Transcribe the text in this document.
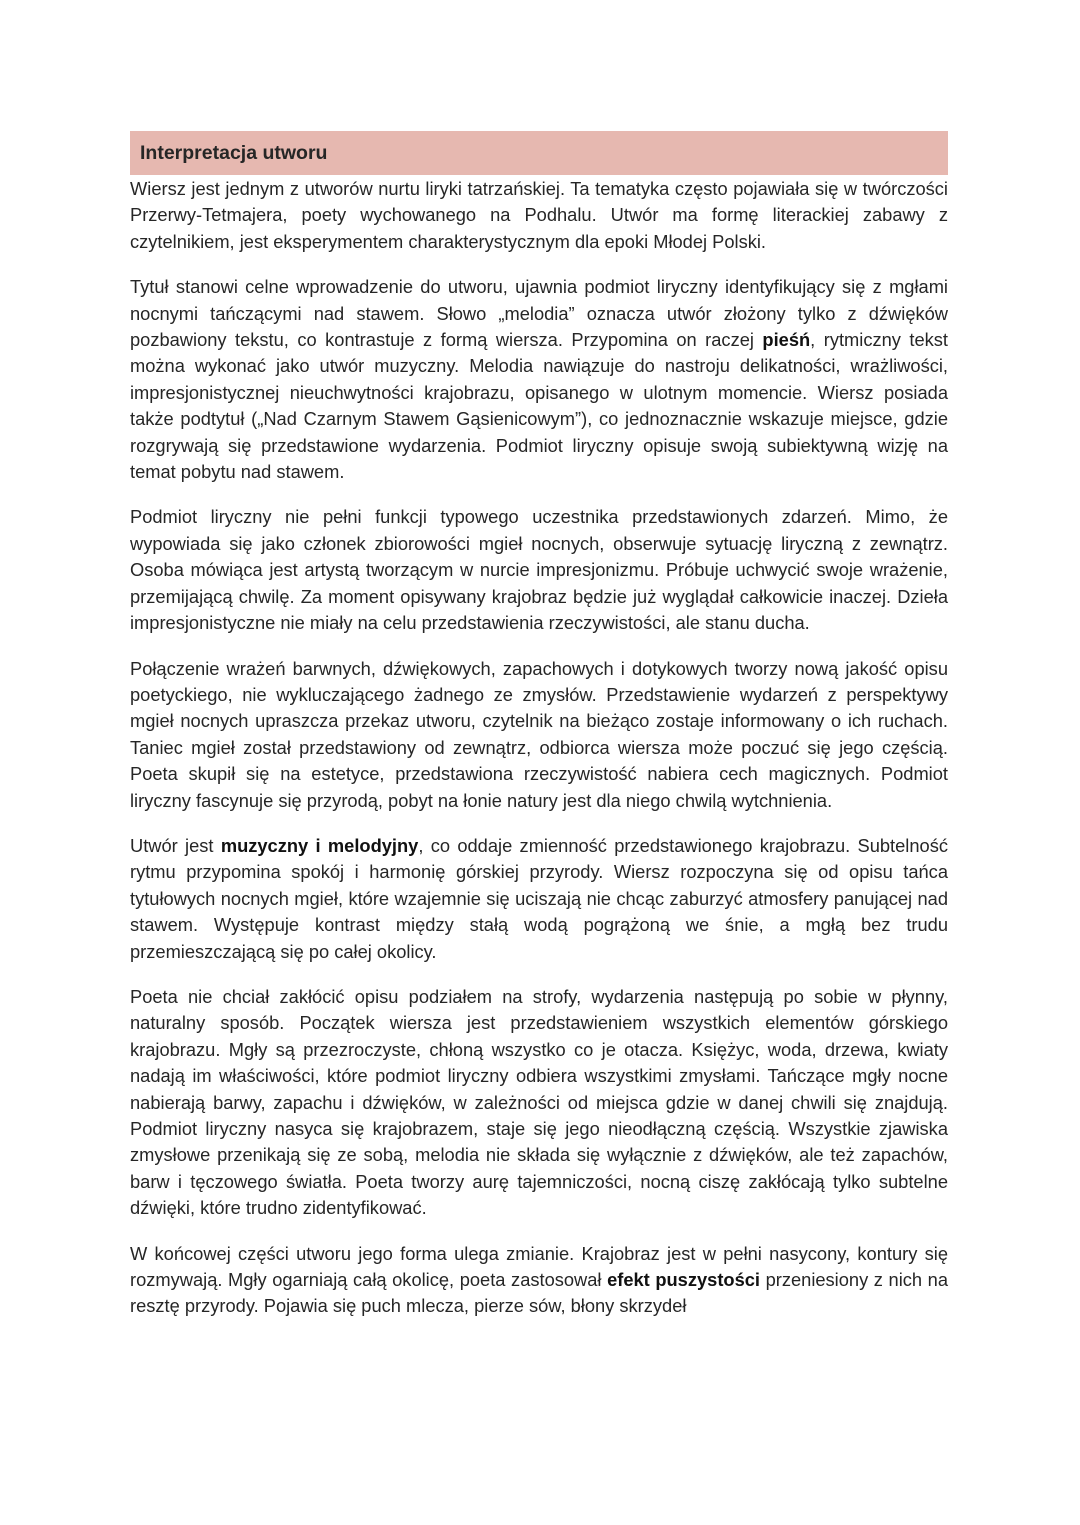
Interpretacja utworu

Wiersz jest jednym z utworów nurtu liryki tatrzańskiej. Ta tematyka często pojawiała się w twórczości Przerwy-Tetmajera, poety wychowanego na Podhalu. Utwór ma formę literackiej zabawy z czytelnikiem, jest eksperymentem charakterystycznym dla epoki Młodej Polski.

Tytuł stanowi celne wprowadzenie do utworu, ujawnia podmiot liryczny identyfikujący się z mgłami nocnymi tańczącymi nad stawem. Słowo „melodia” oznacza utwór złożony tylko z dźwięków pozbawiony tekstu, co kontrastuje z formą wiersza. Przypomina on raczej pieśń, rytmiczny tekst można wykonać jako utwór muzyczny. Melodia nawiązuje do nastroju delikatności, wrażliwości, impresjonistycznej nieuchwytności krajobrazu, opisanego w ulotnym momencie. Wiersz posiada także podtytuł („Nad Czarnym Stawem Gąsienicowym”), co jednoznacznie wskazuje miejsce, gdzie rozgrywają się przedstawione wydarzenia. Podmiot liryczny opisuje swoją subiektywną wizję na temat pobytu nad stawem.

Podmiot liryczny nie pełni funkcji typowego uczestnika przedstawionych zdarzeń. Mimo, że wypowiada się jako członek zbiorowości mgieł nocnych, obserwuje sytuację liryczną z zewnątrz. Osoba mówiąca jest artystą tworzącym w nurcie impresjonizmu. Próbuje uchwycić swoje wrażenie, przemijającą chwilę. Za moment opisywany krajobraz będzie już wyglądał całkowicie inaczej. Dzieła impresjonistyczne nie miały na celu przedstawienia rzeczywistości, ale stanu ducha.

Połączenie wrażeń barwnych, dźwiękowych, zapachowych i dotykowych tworzy nową jakość opisu poetyckiego, nie wykluczającego żadnego ze zmysłów. Przedstawienie wydarzeń z perspektywy mgieł nocnych upraszcza przekaz utworu, czytelnik na bieżąco zostaje informowany o ich ruchach. Taniec mgieł został przedstawiony od zewnątrz, odbiorca wiersza może poczuć się jego częścią. Poeta skupił się na estetyce, przedstawiona rzeczywistość nabiera cech magicznych. Podmiot liryczny fascynuje się przyrodą, pobyt na łonie natury jest dla niego chwilą wytchnienia.

Utwór jest muzyczny i melodyjny, co oddaje zmienność przedstawionego krajobrazu. Subtelność rytmu przypomina spokój i harmonię górskiej przyrody. Wiersz rozpoczyna się od opisu tańca tytułowych nocnych mgieł, które wzajemnie się uciszają nie chcąc zaburzyć atmosfery panującej nad stawem. Występuje kontrast między stałą wodą pogrążoną we śnie, a mgłą bez trudu przemieszczającą się po całej okolicy.

Poeta nie chciał zakłócić opisu podziałem na strofy, wydarzenia następują po sobie w płynny, naturalny sposób. Początek wiersza jest przedstawieniem wszystkich elementów górskiego krajobrazu. Mgły są przezroczyste, chłoną wszystko co je otacza. Księżyc, woda, drzewa, kwiaty nadają im właściwości, które podmiot liryczny odbiera wszystkimi zmysłami. Tańczące mgły nocne nabierają barwy, zapachu i dźwięków, w zależności od miejsca gdzie w danej chwili się znajdują. Podmiot liryczny nasyca się krajobrazem, staje się jego nieodłączną częścią. Wszystkie zjawiska zmysłowe przenikają się ze sobą, melodia nie składa się wyłącznie z dźwięków, ale też zapachów, barw i tęczowego światła. Poeta tworzy aurę tajemniczości, nocną ciszę zakłócają tylko subtelne dźwięki, które trudno zidentyfikować.

W końcowej części utworu jego forma ulega zmianie. Krajobraz jest w pełni nasycony, kontury się rozmywają. Mgły ogarniają całą okolicę, poeta zastosował efekt puszystości przeniesiony z nich na resztę przyrody. Pojawia się puch mlecza, pierze sów, błony skrzydeł
